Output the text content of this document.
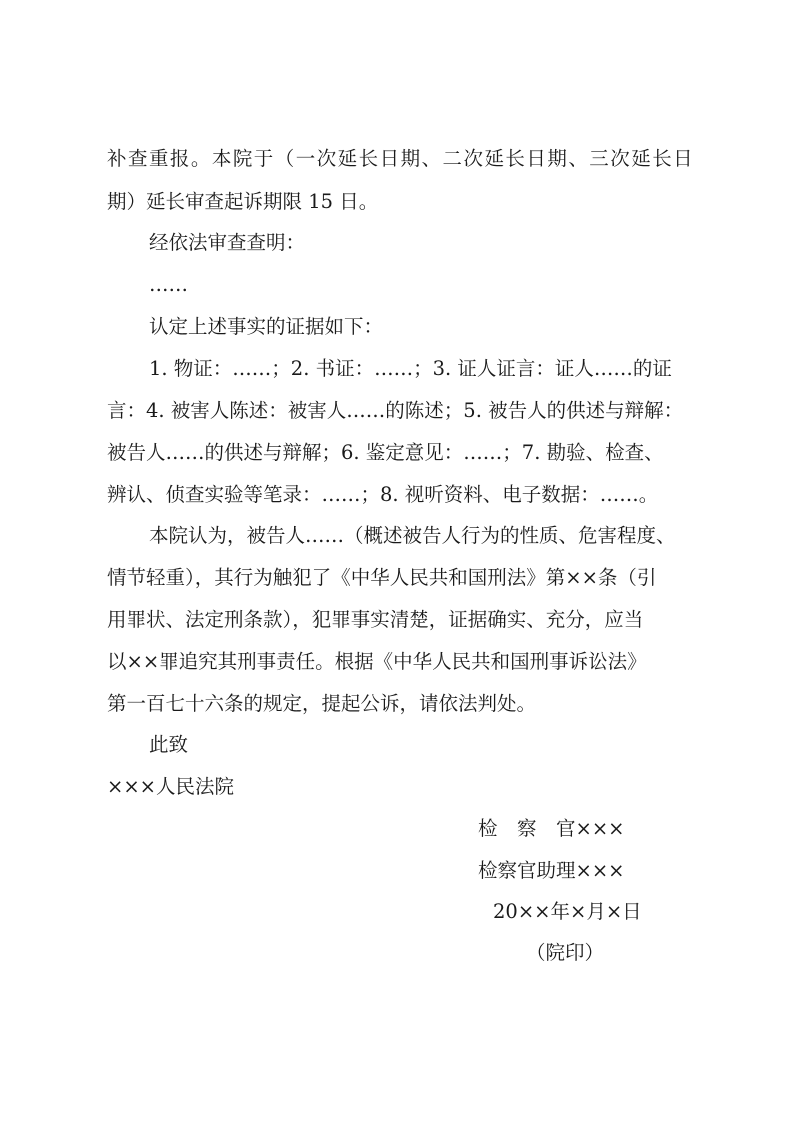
补 查 重 报 。 本 院 于 （ 一 次 延 长 日 期 、 二 次 延 长 日 期 、 三 次 延 长 日
期）延长审查起诉期限 15 日。
经依法审查查明：
……
认定上述事实的证据如下：
1. 物证：……；2. 书证：……；3. 证人证言：证人……的证
言：4. 被害人陈述：被害人……的陈述；5. 被告人的供述与辩解：
被告人……的供述与辩解；6. 鉴定意见：……；7. 勘验、检查、
辨认、侦查实验等笔录：……；8. 视听资料、电子数据：……。
本院认为，被告人……（概述被告人行为的性质、危害程度、
情节轻重），其行为触犯了《中华人民共和国刑法》第××条（引
用罪状、法定刑条款），犯罪事实清楚，证据确实、充分，应当
以××罪追究其刑事责任。根据《中华人民共和国刑事诉讼法》
第一百七十六条的规定，提起公诉，请依法判处。
此致
×××人民法院
检　察　官×××
检察官助理×××
20××年×月×日
（院印）
